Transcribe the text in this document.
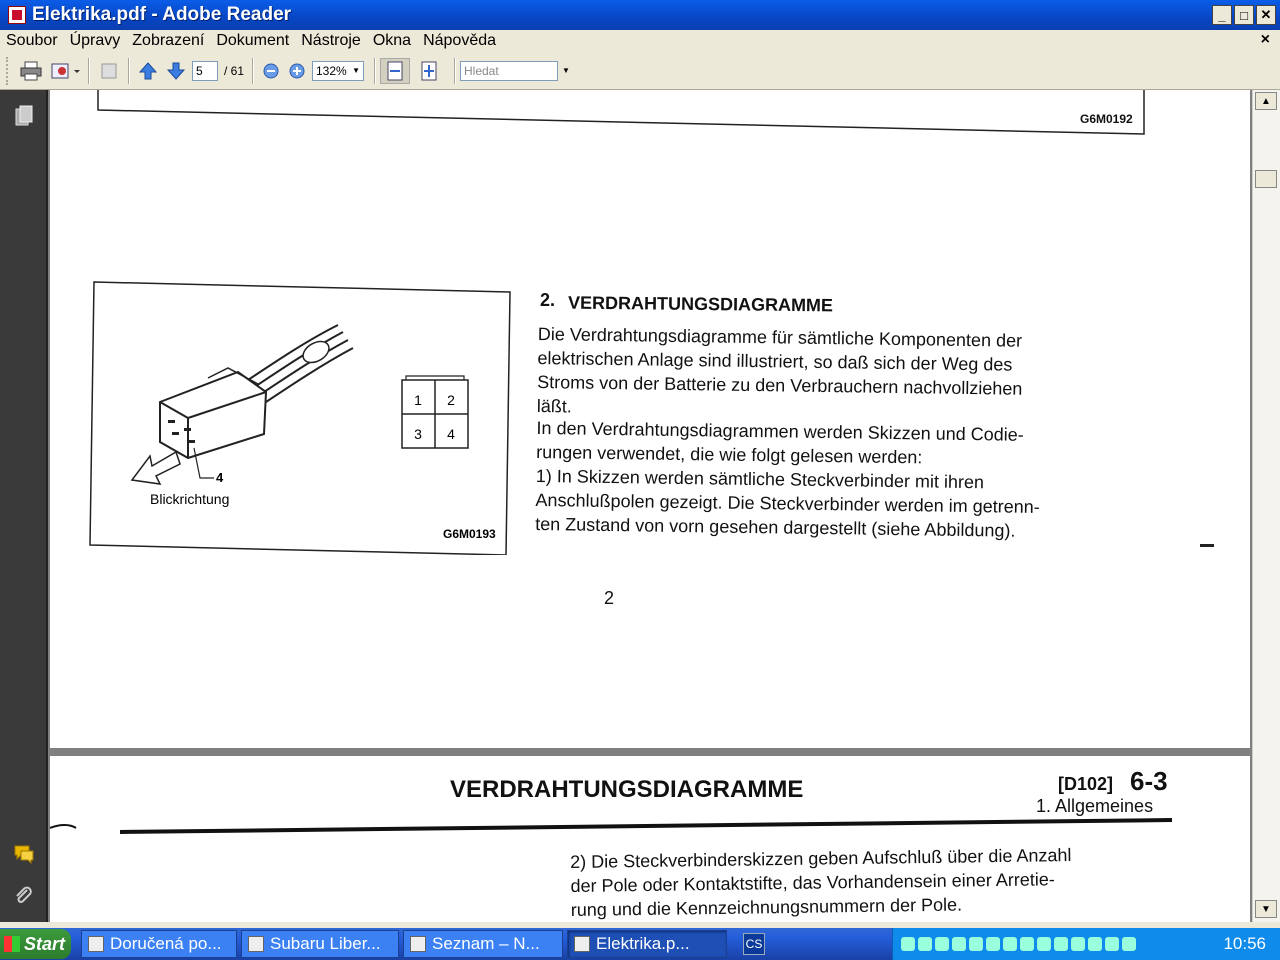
Elektrika.pdf - Adobe Reader	_	□ ✕
Soubor Úpravy Zobrazení Dokument Nástroje Okna Nápověda	×
5	/ 61	132% ▼	Hledat	▼
G6M0192
1 2
3 4
4
Blickrichtung
G6M0193
2. VERDRAHTUNGSDIAGRAMME
Die Verdrahtungsdiagramme für sämtliche Komponenten der
elektrischen Anlage sind illustriert, so daß sich der Weg des
Stroms von der Batterie zu den Verbrauchern nachvollziehen
läßt.
In den Verdrahtungsdiagrammen werden Skizzen und Codie-
rungen verwendet, die wie folgt gelesen werden:
1) In Skizzen werden sämtliche Steckverbinder mit ihren
Anschlußpolen gezeigt. Die Steckverbinder werden im getrenn-
ten Zustand von vorn gesehen dargestellt (siehe Abbildung).
2
VERDRAHTUNGSDIAGRAMME	[D102] 6-3
1. Allgemeines
2) Die Steckverbinderskizzen geben Aufschluß über die Anzahl
der Pole oder Kontaktstifte, das Vorhandensein einer Arretie-
rung und die Kennzeichnungsnummern der Pole.
▲
▼
Start	Doručená po...	Subaru Liber...	Seznam – N...	Elektrika.p...	CS	10:56
